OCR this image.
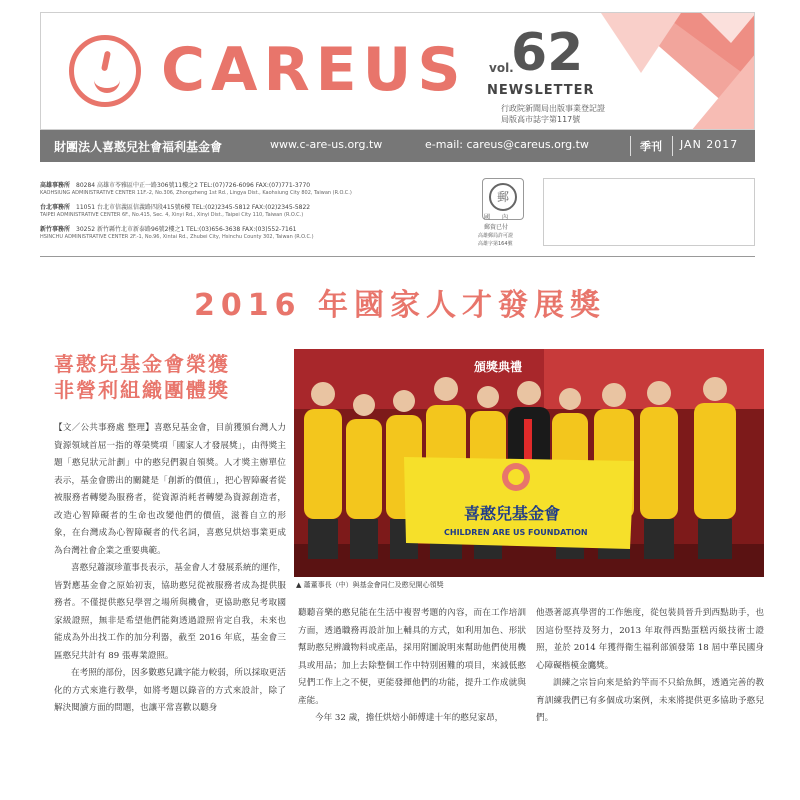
CAREUS 62
vol.
NEWSLETTER
行政院新聞局出版事業登記證
局版高市誌字第117號
財團法人喜憨兒社會福利基金會	www.c-are-us.org.tw	e-mail: careus@careus.org.tw	季刊 JAN 2017
高雄事務所 80284 高雄市苓雅區中正一路306號11樓之2 TEL:(07)726-6096 FAX:(07)771-3770
KAOHSIUNG ADMINISTRATIVE CENTER 11F.-2, No.306, Zhongzheng 1st Rd., Lingya Dist., Kaohsiung City 802, Taiwan (R.O.C.)
台北事務所 11051 台北市信義區信義路四段415號6樓 TEL:(02)2345-5812 FAX:(02)2345-5822
TAIPEI ADMINISTRATIVE CENTER 6F., No.415, Sec. 4, Xinyi Rd., Xinyi Dist., Taipei City 110, Taiwan (R.O.C.)
新竹事務所 30252 新竹縣竹北市新泰路96號2樓之1 TEL:(03)656-3638 FAX:(03)552-7161
HSINCHU ADMINISTRATIVE CENTER 2F.-1, No.96, Xintai Rd., Zhubei City, Hsinchu County 302, Taiwan (R.O.C.)
郵
國　　內
郵資已付
高雄郵局許可證
高雄字第164號
2016 年國家人才發展獎
喜憨兒基金會榮獲
非營利組織團體獎
頒獎典禮
喜憨兒基金會
CHILDREN ARE US FOUNDATION
▲ 蕭董事長（中）與基金會同仁及憨兒開心領獎

【文／公共事務處 整理】喜憨兒基金會，目前獲頒台灣人力資源領域首屈一指的尊榮獎項「國家人才發展獎」，由得獎主題「憨兒狀元計劃」中的憨兒們親自領獎。人才獎主辦單位表示，基金會勝出的關鍵是「創新的價值」，把心智障礙者從被服務者轉變為服務者，從資源消耗者轉變為資源創造者，改造心智障礙者的生命也改變他們的價值，滋養自立的形象，在台灣成為心智障礙者的代名詞，喜憨兒烘焙事業更成為台灣社會企業之重要典範。

喜憨兒蕭淑珍董事長表示，基金會人才發展系統的運作，皆對應基金會之原始初衷，協助憨兒從被服務者成為提供服務者。不僅提供憨兒學習之場所與機會，更協助憨兒考取國家級證照，無非是希望他們能夠透過證照肯定自我，未來也能成為外出找工作的加分利器，截至 2016 年底，基金會三區憨兒共計有 89 張專業證照。

在考照的部份，因多數憨兒識字能力較弱，所以採取更活化的方式來進行教學，如將考題以錄音的方式來設計，除了解決閱讀方面的問題，也讓平常喜歡以聽身

聽聽音樂的憨兒能在生活中複習考題的內容，而在工作培訓方面，透過職務再設計加上輔具的方式，如利用加色、形狀幫助憨兒辨識物料或產品，採用附圖說明來幫助他們使用機具或用品；加上去除整個工作中特別困難的項目，來減低憨兒們工作上之不便，更能發揮他們的功能，提升工作成就與產能。

今年 32 歲，擔任烘焙小師傅達十年的憨兒家昂，

他憑著認真學習的工作態度，從包裝員晉升到西點助手，也因這份堅持及努力，2013 年取得西點蛋糕丙級技術士證照，並於 2014 年獲得衛生福利部頒發第 18 屆中華民國身心障礙楷模金鷹獎。

訓練之宗旨向來是給釣竿而不只給魚餌，透過完善的教育訓練我們已有多個成功案例，未來將提供更多協助予憨兒們。
